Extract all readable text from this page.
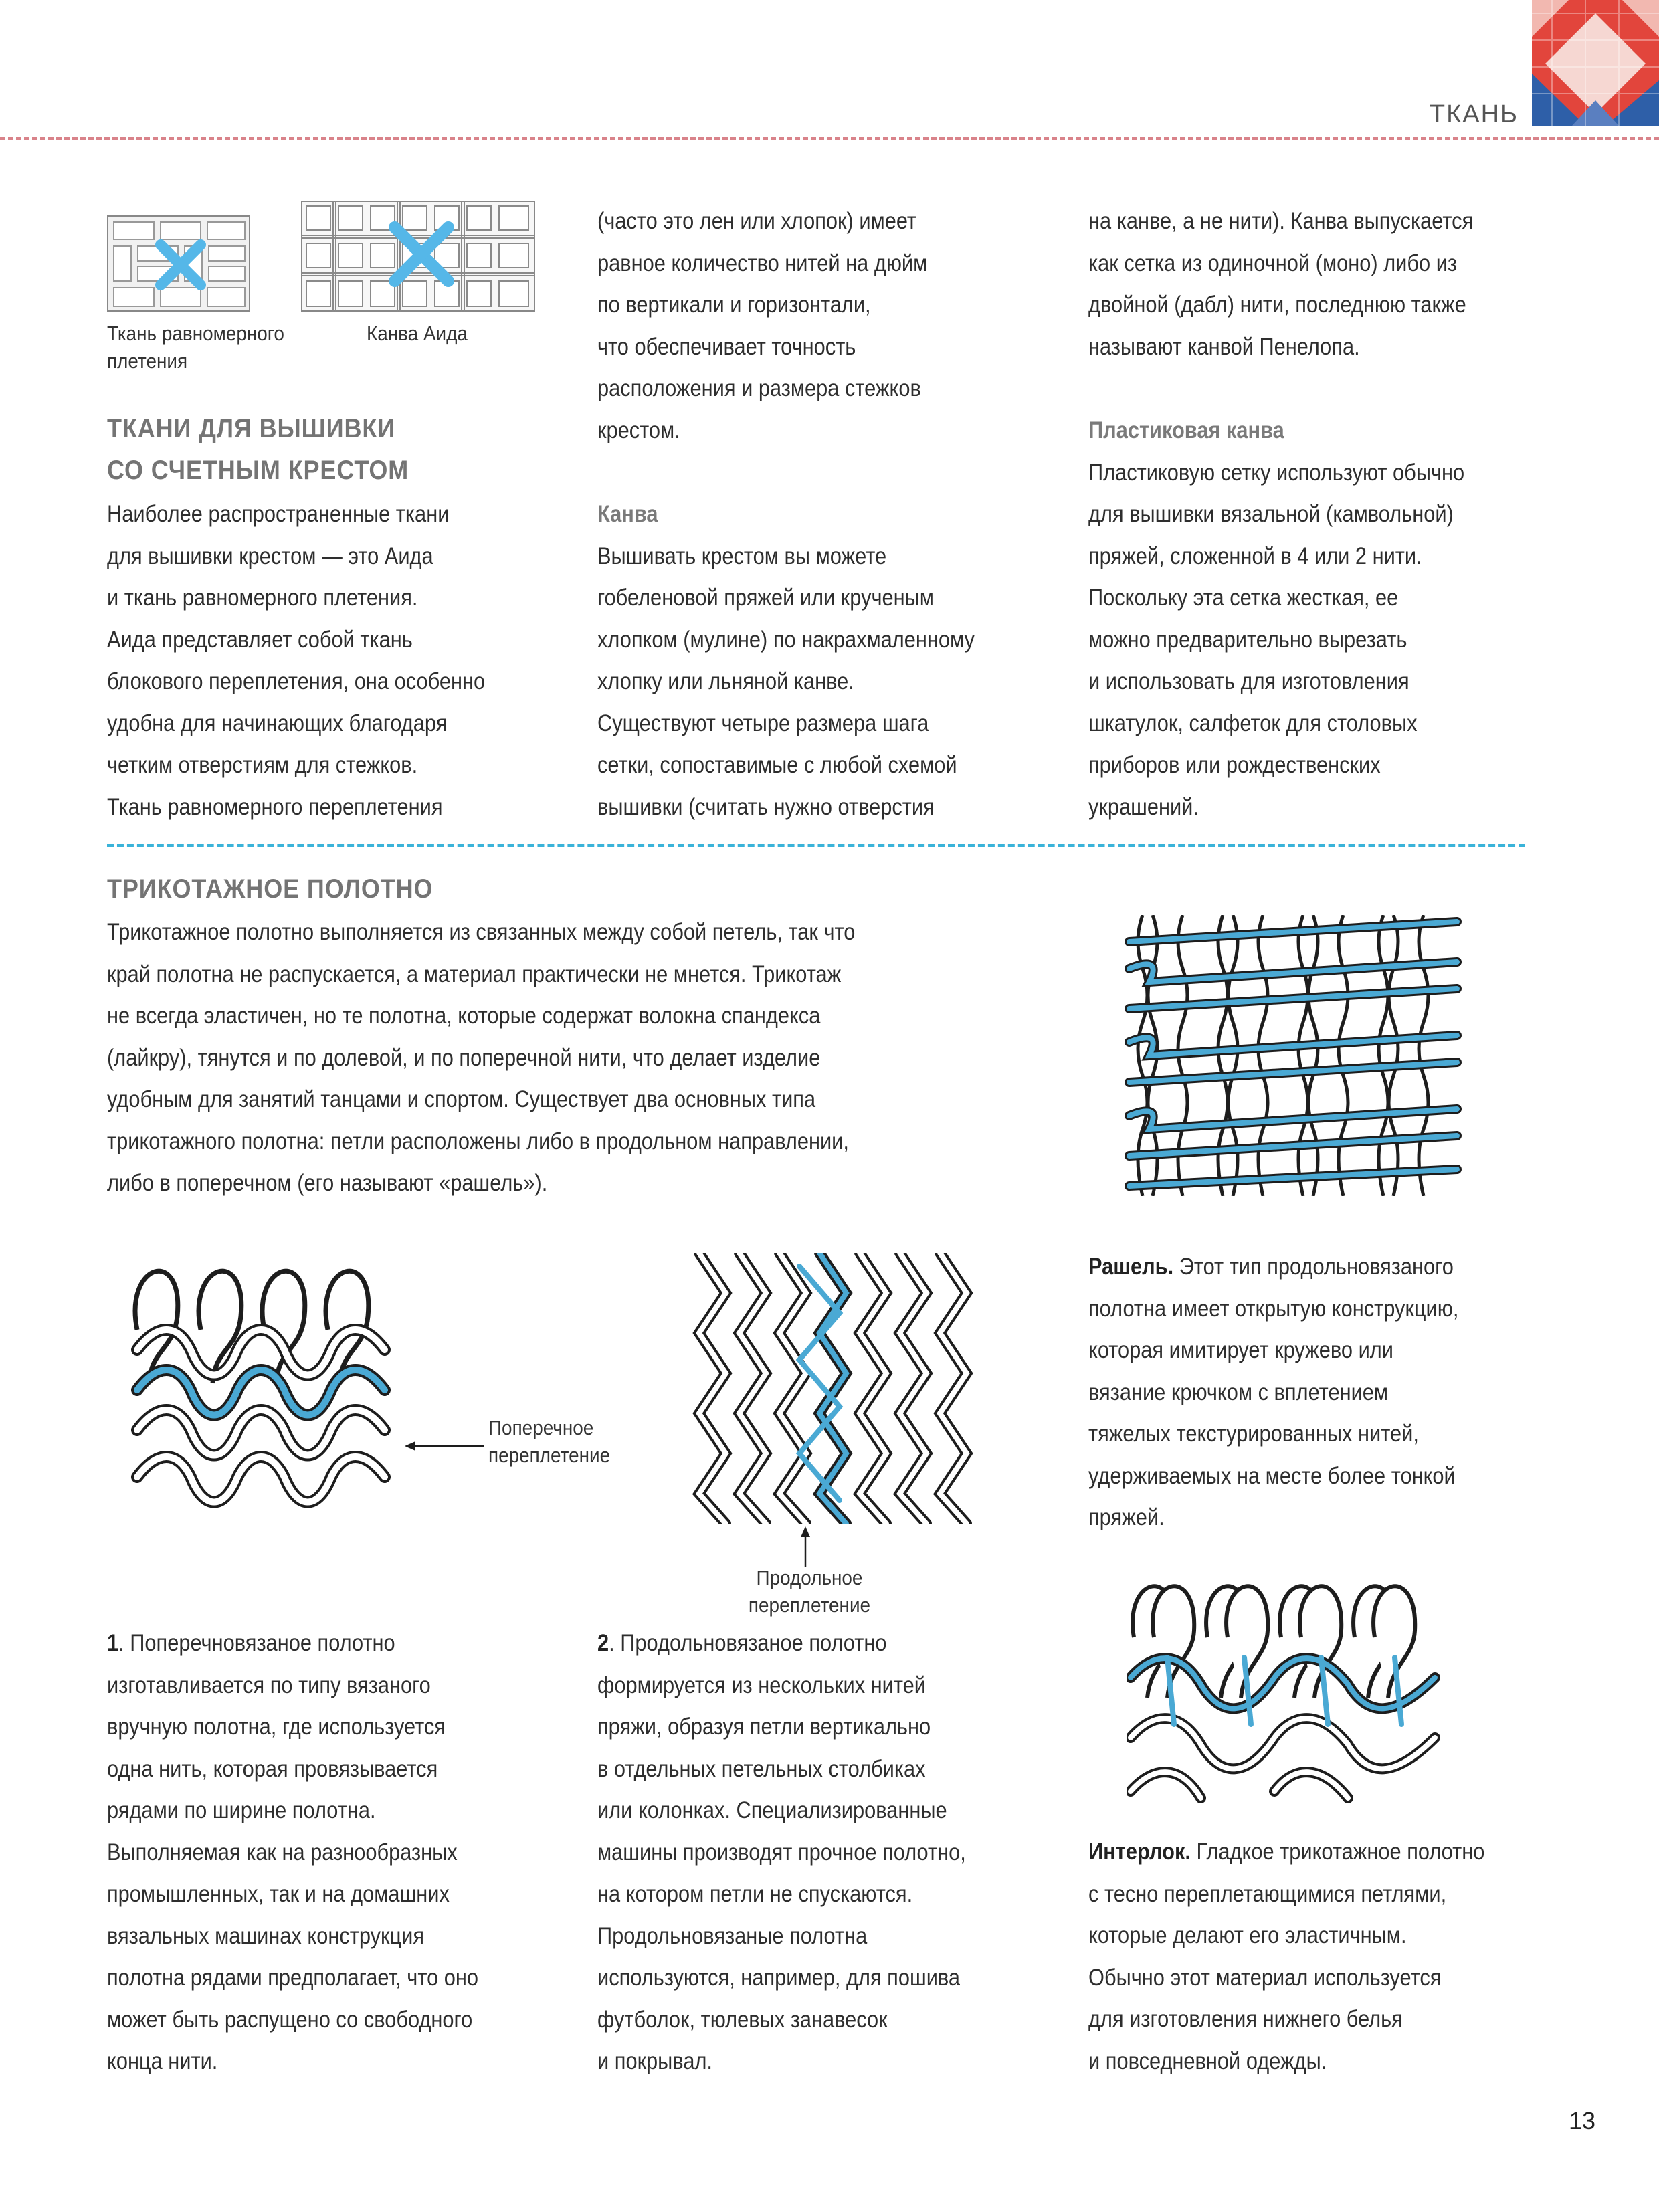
ТКАНЬ
Ткань равномерного плетения
Канва Аида
ТКАНИ ДЛЯ ВЫШИВКИ
СО СЧЕТНЫМ КРЕСТОМ
Наиболее распространенные ткани
для вышивки крестом — это Аида
и ткань равномерного плетения.
Аида представляет собой ткань
блокового переплетения, она особенно
удобна для начинающих благодаря
четким отверстиям для стежков.
Ткань равномерного переплетения
(часто это лен или хлопок) имеет
равное количество нитей на дюйм
по вертикали и горизонтали,
что обеспечивает точность
расположения и размера стежков
крестом.
Канва
Вышивать крестом вы можете
гобеленовой пряжей или крученым
хлопком (мулине) по накрахмаленному
хлопку или льняной канве.
Существуют четыре размера шага
сетки, сопоставимые с любой схемой
вышивки (считать нужно отверстия
на канве, а не нити). Канва выпускается
как сетка из одиночной (моно) либо из
двойной (дабл) нити, последнюю также
называют канвой Пенелопа.
Пластиковая канва
Пластиковую сетку используют обычно
для вышивки вязальной (камвольной)
пряжей, сложенной в 4 или 2 нити.
Поскольку эта сетка жесткая, ее
можно предварительно вырезать
и использовать для изготовления
шкатулок, салфеток для столовых
приборов или рождественских
украшений.
ТРИКОТАЖНОЕ ПОЛОТНО
Трикотажное полотно выполняется из связанных между собой петель, так что
край полотна не распускается, а материал практически не мнется. Трикотаж
не всегда эластичен, но те полотна, которые содержат волокна спандекса
(лайкру), тянутся и по долевой, и по поперечной нити, что делает изделие
удобным для занятий танцами и спортом. Существует два основных типа
трикотажного полотна: петли расположены либо в продольном направлении,
либо в поперечном (его называют «рашель»).
Поперечное
переплетение
Продольное
переплетение
Рашель. Этот тип продольновязаного
полотна имеет открытую конструкцию,
которая имитирует кружево или
вязание крючком с вплетением
тяжелых текстурированных нитей,
удерживаемых на месте более тонкой
пряжей.
1. Поперечновязаное полотно
изготавливается по типу вязаного
вручную полотна, где используется
одна нить, которая провязывается
рядами по ширине полотна.
Выполняемая как на разнообразных
промышленных, так и на домашних
вязальных машинах конструкция
полотна рядами предполагает, что оно
может быть распущено со свободного
конца нити.
2. Продольновязаное полотно
формируется из нескольких нитей
пряжи, образуя петли вертикально
в отдельных петельных столбиках
или колонках. Специализированные
машины производят прочное полотно,
на котором петли не спускаются.
Продольновязаные полотна
используются, например, для пошива
футболок, тюлевых занавесок
и покрывал.
Интерлок. Гладкое трикотажное полотно
с тесно переплетающимися петлями,
которые делают его эластичным.
Обычно этот материал используется
для изготовления нижнего белья
и повседневной одежды.
13
